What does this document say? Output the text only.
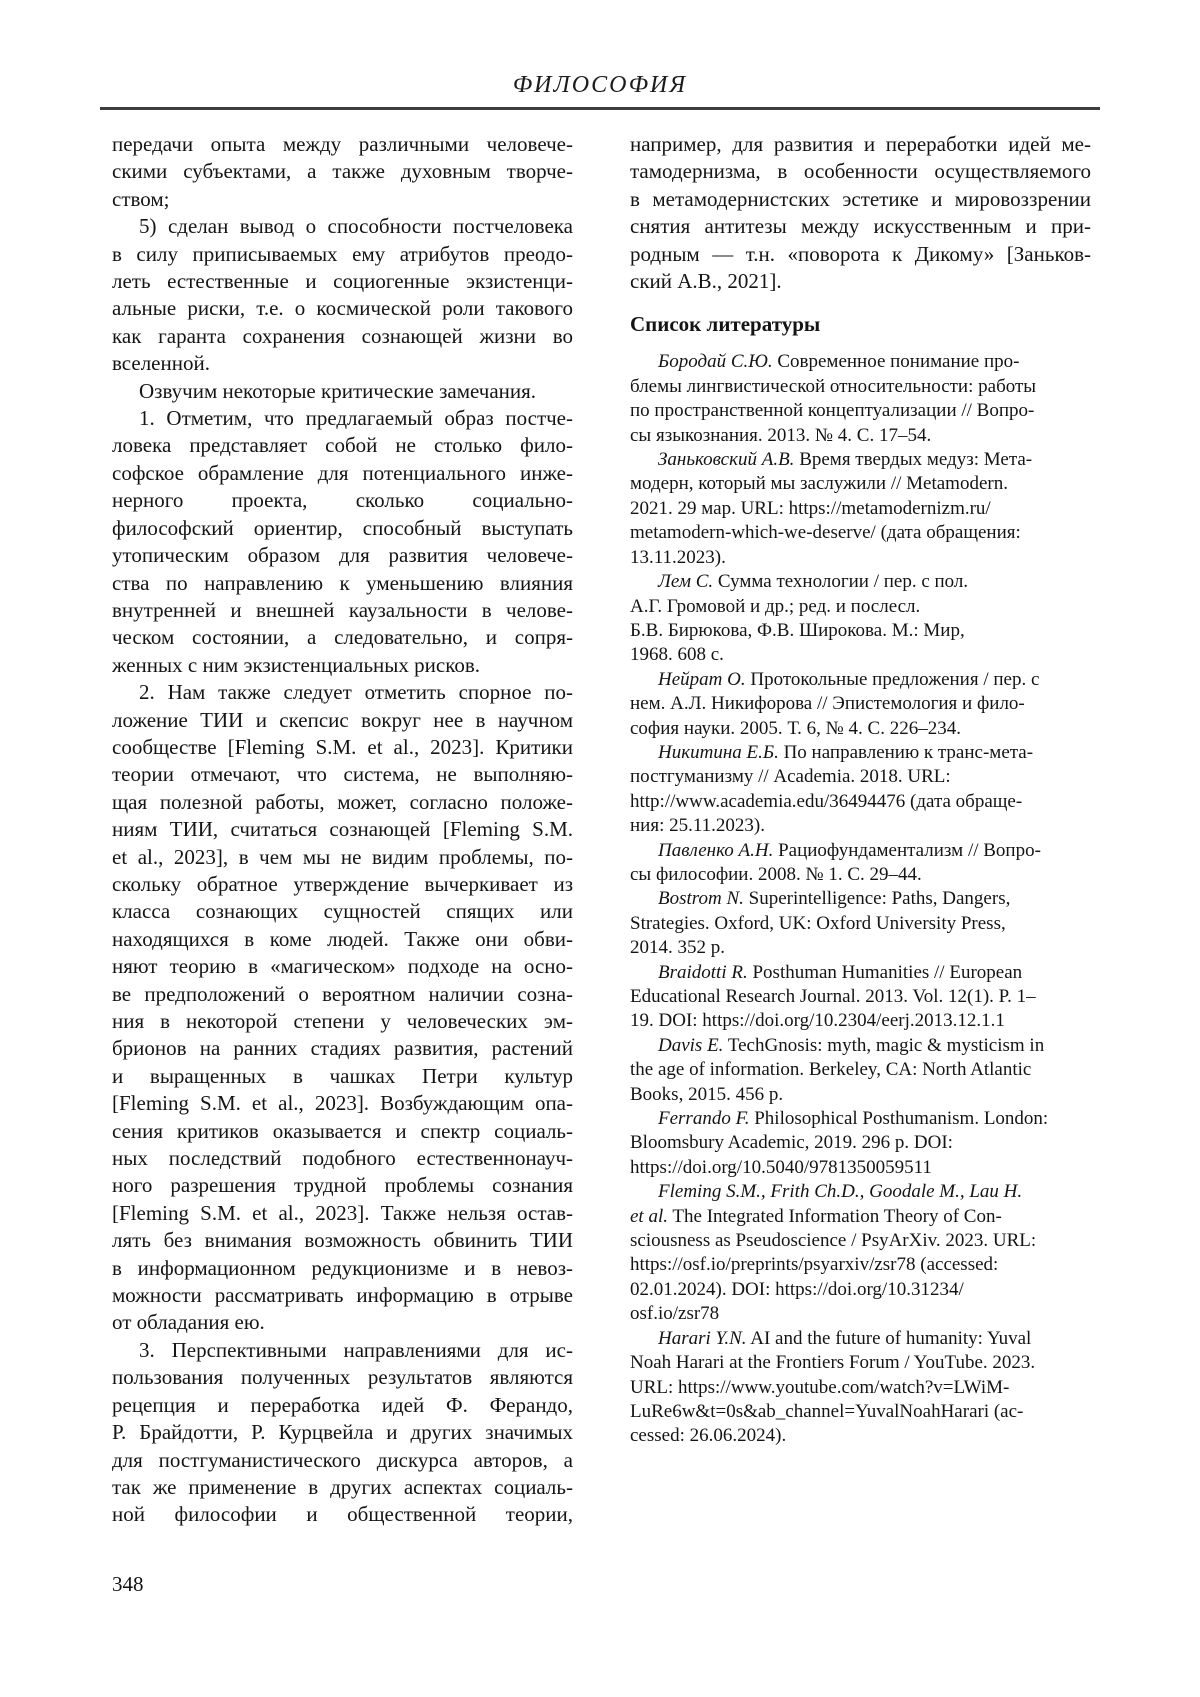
ФИЛОСОФИЯ
передачи опыта между различными человече-
скими субъектами, а также духовным творче-
ством;
5) сделан вывод о способности постчеловека
в силу приписываемых ему атрибутов преодо-
леть естественные и социогенные экзистенци-
альные риски, т.е. о космической роли такового
как гаранта сохранения сознающей жизни во
вселенной.
Озвучим некоторые критические замечания.
1. Отметим, что предлагаемый образ постче-
ловека представляет собой не столько фило-
софское обрамление для потенциального инже-
нерного проекта, сколько социально-
философский ориентир, способный выступать
утопическим образом для развития человече-
ства по направлению к уменьшению влияния
внутренней и внешней каузальности в челове-
ческом состоянии, а следовательно, и сопря-
женных с ним экзистенциальных рисков.
2. Нам также следует отметить спорное по-
ложение ТИИ и скепсис вокруг нее в научном
сообществе [Fleming S.M. et al., 2023]. Критики
теории отмечают, что система, не выполняю-
щая полезной работы, может, согласно положе-
ниям ТИИ, считаться сознающей [Fleming S.M.
et al., 2023], в чем мы не видим проблемы, по-
скольку обратное утверждение вычеркивает из
класса сознающих сущностей спящих или
находящихся в коме людей. Также они обви-
няют теорию в «магическом» подходе на осно-
ве предположений о вероятном наличии созна-
ния в некоторой степени у человеческих эм-
брионов на ранних стадиях развития, растений
и выращенных в чашках Петри культур
[Fleming S.M. et al., 2023]. Возбуждающим опа-
сения критиков оказывается и спектр социаль-
ных последствий подобного естественнонауч-
ного разрешения трудной проблемы сознания
[Fleming S.M. et al., 2023]. Также нельзя остав-
лять без внимания возможность обвинить ТИИ
в информационном редукционизме и в невоз-
можности рассматривать информацию в отрыве
от обладания ею.
3. Перспективными направлениями для ис-
пользования полученных результатов являются
рецепция и переработка идей Ф. Ферандо,
Р. Брайдотти, Р. Курцвейла и других значимых
для постгуманистического дискурса авторов, а
так же применение в других аспектах социаль-
ной философии и общественной теории,
например, для развития и переработки идей ме-
тамодернизма, в особенности осуществляемого
в метамодернистских эстетике и мировоззрении
снятия антитезы между искусственным и при-
родным — т.н. «поворота к Дикому» [Заньков-
ский А.В., 2021].
Список литературы
Бородай С.Ю. Современное понимание про-
блемы лингвистической относительности: работы
по пространственной концептуализации // Вопро-
сы языкознания. 2013. № 4. С. 17–54.
Заньковский А.В. Время твердых медуз: Мета-
модерн, который мы заслужили // Metamodern.
2021. 29 мар. URL: https://metamodernizm.ru/
metamodern-which-we-deserve/ (дата обращения:
13.11.2023).
Лем С. Сумма технологии / пер. с пол.
А.Г. Громовой и др.; ред. и послесл.
Б.В. Бирюкова, Ф.В. Широкова. М.: Мир,
1968. 608 с.
Нейрат О. Протокольные предложения / пер. с
нем. А.Л. Никифорова // Эпистемология и фило-
софия науки. 2005. Т. 6, № 4. С. 226–234.
Никитина Е.Б. По направлению к транс-мета-
постгуманизму // Academia. 2018. URL:
http://www.academia.edu/36494476 (дата обраще-
ния: 25.11.2023).
Павленко А.Н. Рациофундаментализм // Вопро-
сы философии. 2008. № 1. С. 29–44.
Bostrom N. Superintelligence: Paths, Dangers,
Strategies. Oxford, UK: Oxford University Press,
2014. 352 p.
Braidotti R. Posthuman Humanities // European
Educational Research Journal. 2013. Vol. 12(1). P. 1–
19. DOI: https://doi.org/10.2304/eerj.2013.12.1.1
Davis E. TechGnosis: myth, magic & mysticism in
the age of information. Berkeley, CA: North Atlantic
Books, 2015. 456 p.
Ferrando F. Philosophical Posthumanism. London:
Bloomsbury Academic, 2019. 296 p. DOI:
https://doi.org/10.5040/9781350059511
Fleming S.M., Frith Ch.D., Goodale M., Lau H.
et al. The Integrated Information Theory of Con-
sciousness as Pseudoscience / PsyArXiv. 2023. URL:
https://osf.io/preprints/psyarxiv/zsr78 (accessed:
02.01.2024). DOI: https://doi.org/10.31234/
osf.io/zsr78
Harari Y.N. AI and the future of humanity: Yuval
Noah Harari at the Frontiers Forum / YouTube. 2023.
URL: https://www.youtube.com/watch?v=LWiM-
LuRe6w&t=0s&ab_channel=YuvalNoahHarari (ac-
cessed: 26.06.2024).
348
